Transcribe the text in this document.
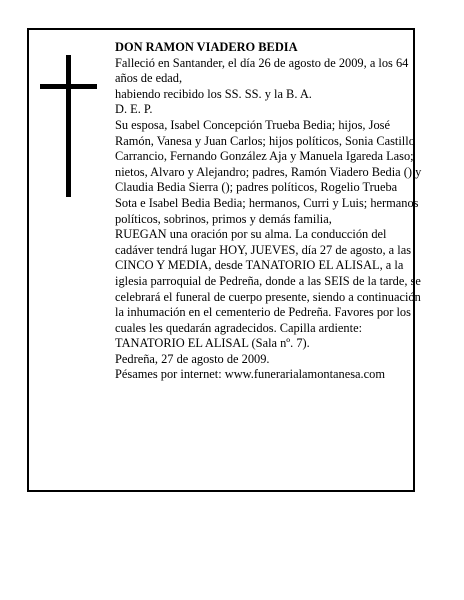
DON RAMON VIADERO BEDIA

Falleció en Santander, el día 26 de agosto de 2009, a los 64 años de edad,

habiendo recibido los SS. SS. y la B. A.

D. E. P.

Su esposa, Isabel Concepción Trueba Bedia; hijos, José Ramón, Vanesa y Juan Carlos; hijos políticos, Sonia Castillo Carrancio, Fernando González Aja y Manuela Igareda Laso; nietos, Alvaro y Alejandro; padres, Ramón Viadero Bedia () y Claudia Bedia Sierra (); padres políticos, Rogelio Trueba Sota e Isabel Bedia Bedia; hermanos, Curri y Luis; hermanos políticos, sobrinos, primos y demás familia,

RUEGAN una oración por su alma. La conducción del cadáver tendrá lugar HOY, JUEVES, día 27 de agosto, a las CINCO Y MEDIA, desde TANATORIO EL ALISAL, a la iglesia parroquial de Pedreña, donde a las SEIS de la tarde, se celebrará el funeral de cuerpo presente, siendo a continuación la inhumación en el cementerio de Pedreña. Favores por los cuales les quedarán agradecidos. Capilla ardiente: TANATORIO EL ALISAL (Sala nº. 7).

Pedreña, 27 de agosto de 2009.

Pésames por internet: www.funerarialamontanesa.com
